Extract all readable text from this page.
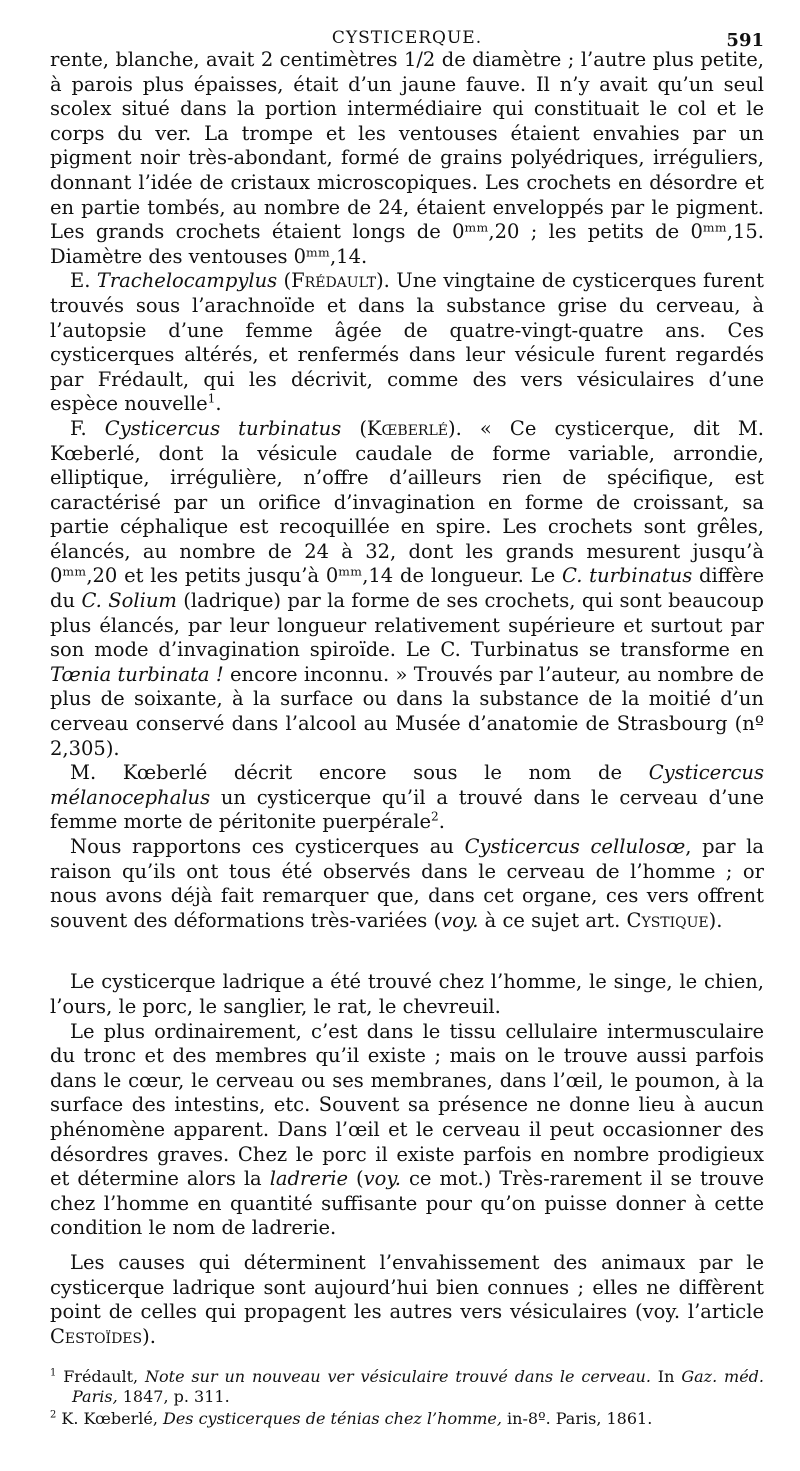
CYSTICERQUE.	591

rente, blanche, avait 2 centimètres 1/2 de diamètre ; l’autre plus petite, à parois plus épaisses, était d’un jaune fauve. Il n’y avait qu’un seul scolex situé dans la portion intermédiaire qui constituait le col et le corps du ver. La trompe et les ventouses étaient envahies par un pigment noir très-abondant, formé de grains polyédriques, irréguliers, donnant l’idée de cristaux microscopiques. Les crochets en désordre et en partie tombés, au nombre de 24, étaient enveloppés par le pigment. Les grands crochets étaient longs de 0ᵐᵐ,20 ; les petits de 0ᵐᵐ,15. Diamètre des ventouses 0ᵐᵐ,14.

E. Trachelocampylus (Frédault). Une vingtaine de cysticerques furent trouvés sous l’arachnoïde et dans la substance grise du cerveau, à l’autopsie d’une femme âgée de quatre-vingt-quatre ans. Ces cysticerques altérés, et renfermés dans leur vésicule furent regardés par Frédault, qui les décrivit, comme des vers vésiculaires d’une espèce nouvelle$^1$.

F. Cysticercus turbinatus (Kœberlé). « Ce cysticerque, dit M. Kœberlé, dont la vésicule caudale de forme variable, arrondie, elliptique, irrégulière, n’offre d’ailleurs rien de spécifique, est caractérisé par un orifice d’invagination en forme de croissant, sa partie céphalique est recoquillée en spire. Les crochets sont grêles, élancés, au nombre de 24 à 32, dont les grands mesurent jusqu’à 0ᵐᵐ,20 et les petits jusqu’à 0ᵐᵐ,14 de longueur. Le C. turbinatus diffère du C. Solium (ladrique) par la forme de ses crochets, qui sont beaucoup plus élancés, par leur longueur relativement supérieure et surtout par son mode d’invagination spiroïde. Le C. Turbinatus se transforme en Tœnia turbinata ! encore inconnu. » Trouvés par l’auteur, au nombre de plus de soixante, à la surface ou dans la substance de la moitié d’un cerveau conservé dans l’alcool au Musée d’anatomie de Strasbourg (nº 2,305).

M. Kœberlé décrit encore sous le nom de Cysticercus mélanocephalus un cysticerque qu’il a trouvé dans le cerveau d’une femme morte de péritonite puerpérale$^2$.

Nous rapportons ces cysticerques au Cysticercus cellulosœ, par la raison qu’ils ont tous été observés dans le cerveau de l’homme ; or nous avons déjà fait remarquer que, dans cet organe, ces vers offrent souvent des déformations très-variées (voy. à ce sujet art. Cystique).

Le cysticerque ladrique a été trouvé chez l’homme, le singe, le chien, l’ours, le porc, le sanglier, le rat, le chevreuil.

Le plus ordinairement, c’est dans le tissu cellulaire intermusculaire du tronc et des membres qu’il existe ; mais on le trouve aussi parfois dans le cœur, le cerveau ou ses membranes, dans l’œil, le poumon, à la surface des intestins, etc. Souvent sa présence ne donne lieu à aucun phénomène apparent. Dans l’œil et le cerveau il peut occasionner des désordres graves. Chez le porc il existe parfois en nombre prodigieux et détermine alors la ladrerie (voy. ce mot.) Très-rarement il se trouve chez l’homme en quantité suffisante pour qu’on puisse donner à cette condition le nom de ladrerie.

Les causes qui déterminent l’envahissement des animaux par le cysticerque ladrique sont aujourd’hui bien connues ; elles ne diffèrent point de celles qui propagent les autres vers vésiculaires (voy. l’article Cestoïdes).

$^1$ Frédault, Note sur un nouveau ver vésiculaire trouvé dans le cerveau. In Gaz. méd. Paris, 1847, p. 311.

$^2$ K. Kœberlé, Des cysticerques de ténias chez l’homme, in-8º. Paris, 1861.
